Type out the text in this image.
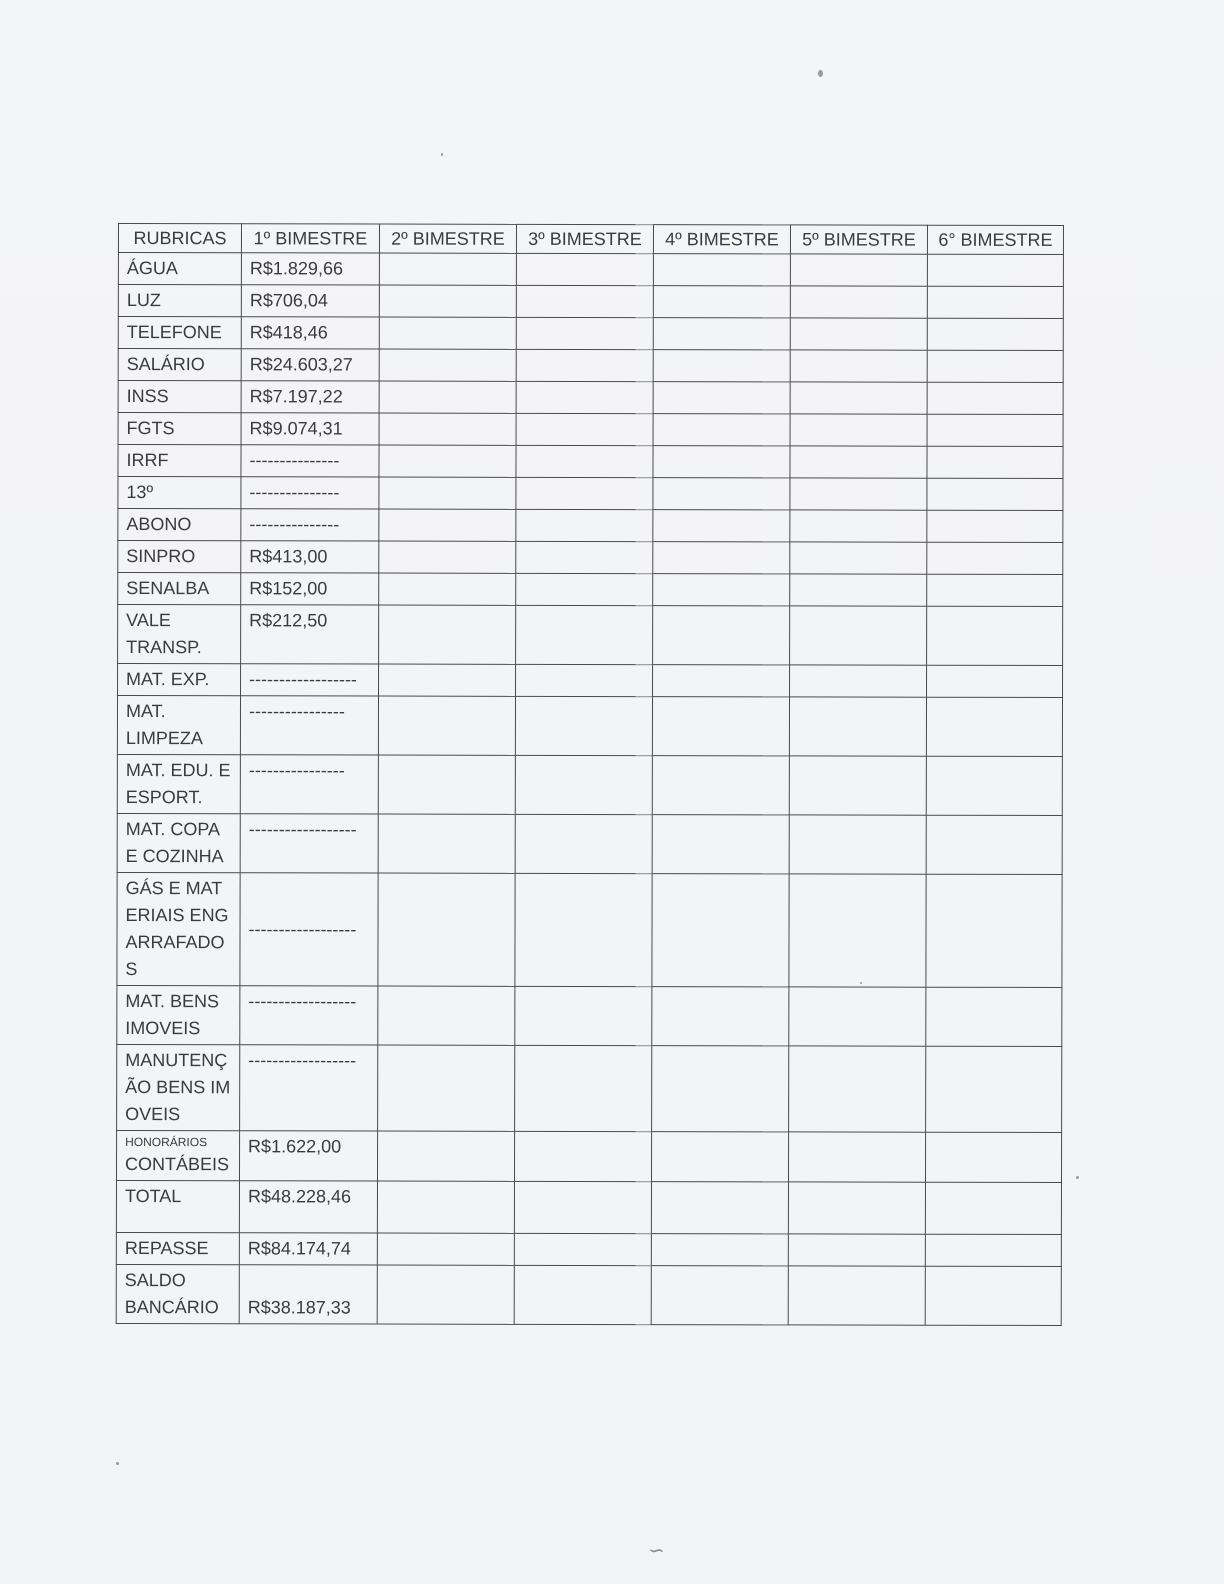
RUBRICAS	1º BIMESTRE	2º BIMESTRE	3º BIMESTRE	4º BIMESTRE	5º BIMESTRE	6° BIMESTRE
ÁGUA	R$1.829,66					
LUZ	R$706,04					
TELEFONE	R$418,46					
SALÁRIO	R$24.603,27					
INSS	R$7.197,22					
FGTS	R$9.074,31					
IRRF	---------------					
13º	---------------					
ABONO	---------------					
SINPRO	R$413,00					
SENALBA	R$152,00					
VALE TRANSP.	R$212,50					
MAT. EXP.	------------------					
MAT. LIMPEZA	----------------					
MAT. EDU. E ESPORT.	----------------					
MAT. COPA E COZINHA	------------------					
GÁS E MATERIAIS ENGARRAFADOS	------------------					
MAT. BENS IMOVEIS	------------------					
MANUTENÇÃO BENS IMOVEIS	------------------					

HONORÁRIOS
CONTÁBEIS	R$1.622,00					
TOTAL	R$48.228,46					
REPASSE	R$84.174,74					
SALDO BANCÁRIO	R$38.187,33					
∽
